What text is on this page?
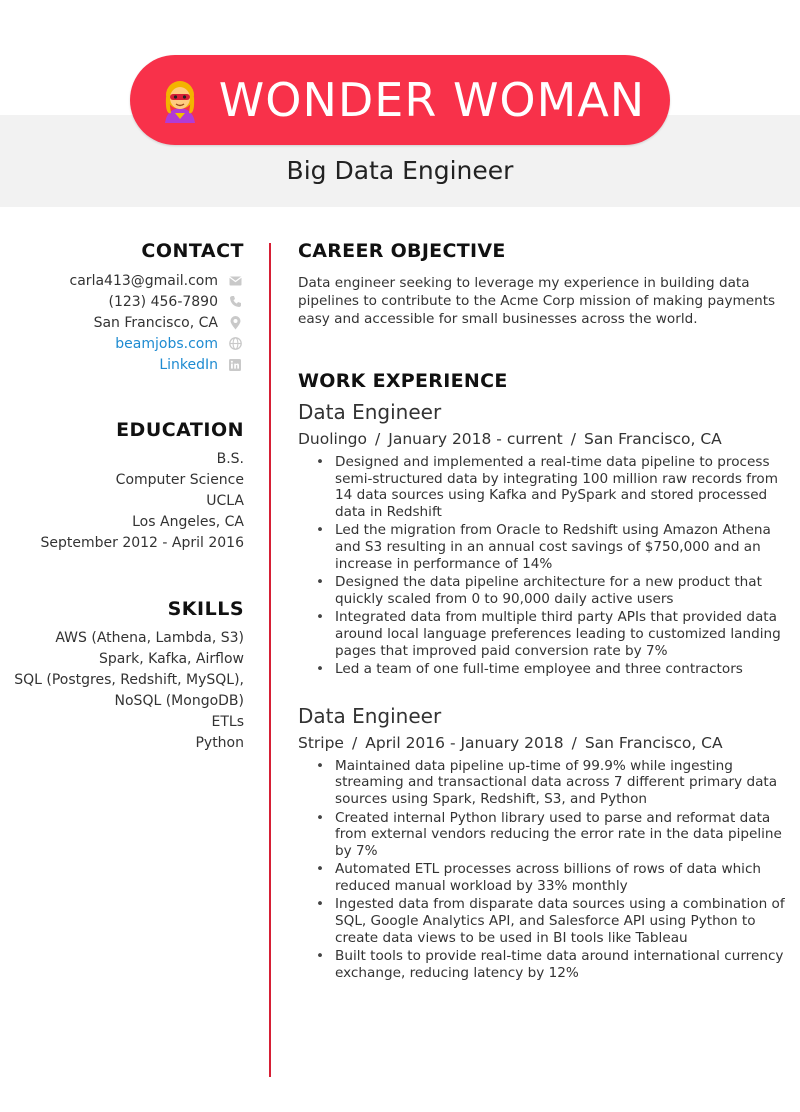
WONDER WOMAN
Big Data Engineer
CONTACT
carla413@gmail.com
(123) 456-7890
San Francisco, CA
beamjobs.com
LinkedIn
EDUCATION
B.S.
Computer Science
UCLA
Los Angeles, CA
September 2012 - April 2016
SKILLS
AWS (Athena, Lambda, S3)
Spark, Kafka, Airflow
SQL (Postgres, Redshift, MySQL),
NoSQL (MongoDB)
ETLs
Python
CAREER OBJECTIVE
Data engineer seeking to leverage my experience in building data pipelines to contribute to the Acme Corp mission of making payments easy and accessible for small businesses across the world.
WORK EXPERIENCE
Data Engineer
Duolingo / January 2018 - current / San Francisco, CA
• Designed and implemented a real-time data pipeline to process semi-structured data by integrating 100 million raw records from 14 data sources using Kafka and PySpark and stored processed data in Redshift
• Led the migration from Oracle to Redshift using Amazon Athena and S3 resulting in an annual cost savings of $750,000 and an increase in performance of 14%
• Designed the data pipeline architecture for a new product that quickly scaled from 0 to 90,000 daily active users
• Integrated data from multiple third party APIs that provided data around local language preferences leading to customized landing pages that improved paid conversion rate by 7%
• Led a team of one full-time employee and three contractors
Data Engineer
Stripe / April 2016 - January 2018 / San Francisco, CA
• Maintained data pipeline up-time of 99.9% while ingesting streaming and transactional data across 7 different primary data sources using Spark, Redshift, S3, and Python
• Created internal Python library used to parse and reformat data from external vendors reducing the error rate in the data pipeline by 7%
• Automated ETL processes across billions of rows of data which reduced manual workload by 33% monthly
• Ingested data from disparate data sources using a combination of SQL, Google Analytics API, and Salesforce API using Python to create data views to be used in BI tools like Tableau
• Built tools to provide real-time data around international currency exchange, reducing latency by 12%
